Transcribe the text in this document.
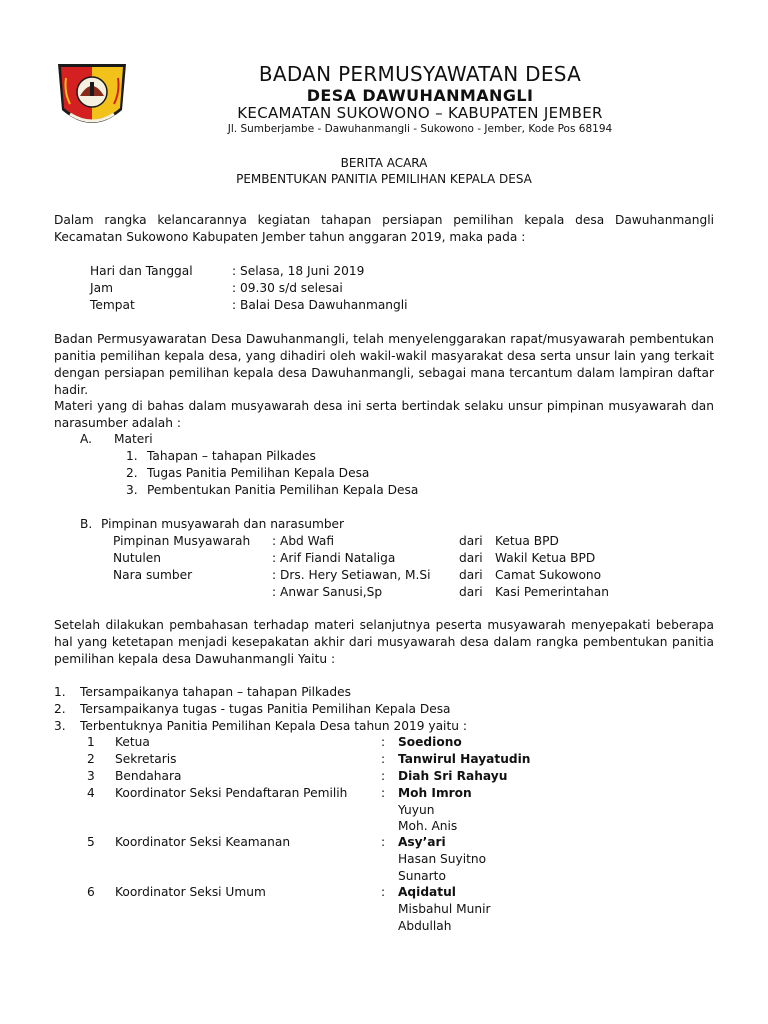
BADAN PERMUSYAWATAN DESA
DESA DAWUHANMANGLI
KECAMATAN SUKOWONO – KABUPATEN JEMBER
Jl. Sumberjambe - Dawuhanmangli - Sukowono - Jember, Kode Pos 68194
BERITA ACARA
PEMBENTUKAN PANITIA PEMILIHAN KEPALA DESA
Dalam rangka kelancarannya kegiatan tahapan persiapan pemilihan kepala desa Dawuhanmangli Kecamatan Sukowono Kabupaten Jember tahun anggaran 2019, maka pada :
Hari dan Tanggal	: Selasa, 18 Juni 2019
Jam	: 09.30 s/d selesai
Tempat	: Balai Desa Dawuhanmangli
Badan Permusyawaratan Desa Dawuhanmangli, telah menyelenggarakan rapat/musyawarah pembentukan panitia pemilihan kepala desa, yang dihadiri oleh wakil-wakil masyarakat desa serta unsur lain yang terkait dengan persiapan pemilihan kepala desa Dawuhanmangli, sebagai mana tercantum dalam lampiran daftar hadir.
Materi yang di bahas dalam musyawarah desa ini serta bertindak selaku unsur pimpinan musyawarah dan narasumber adalah :
A. Materi
1. Tahapan – tahapan Pilkades
2. Tugas Panitia Pemilihan Kepala Desa
3. Pembentukan Panitia Pemilihan Kepala Desa
B. Pimpinan musyawarah dan narasumber
Pimpinan Musyawarah : Abd Wafi	dari Ketua BPD
Nutulen	: Arif Fiandi Nataliga	dari Wakil Ketua BPD
Nara sumber	: Drs. Hery Setiawan, M.Si dari Camat Sukowono
: Anwar Sanusi,Sp	dari Kasi Pemerintahan
Setelah dilakukan pembahasan terhadap materi selanjutnya peserta musyawarah menyepakati beberapa hal yang ketetapan menjadi kesepakatan akhir dari musyawarah desa dalam rangka pembentukan panitia pemilihan kepala desa Dawuhanmangli Yaitu :
1. Tersampaikanya tahapan – tahapan Pilkades
2. Tersampaikanya tugas - tugas Panitia Pemilihan Kepala Desa
3. Terbentuknya Panitia Pemilihan Kepala Desa tahun 2019 yaitu :
1 Ketua	: Soediono
2 Sekretaris	: Tanwirul Hayatudin
3 Bendahara	: Diah Sri Rahayu
4 Koordinator Seksi Pendaftaran Pemilih	: Moh Imron
Yuyun
Moh. Anis
5 Koordinator Seksi Keamanan	: Asy’ari
Hasan Suyitno
Sunarto
6 Koordinator Seksi Umum	: Aqidatul
Misbahul Munir
Abdullah
